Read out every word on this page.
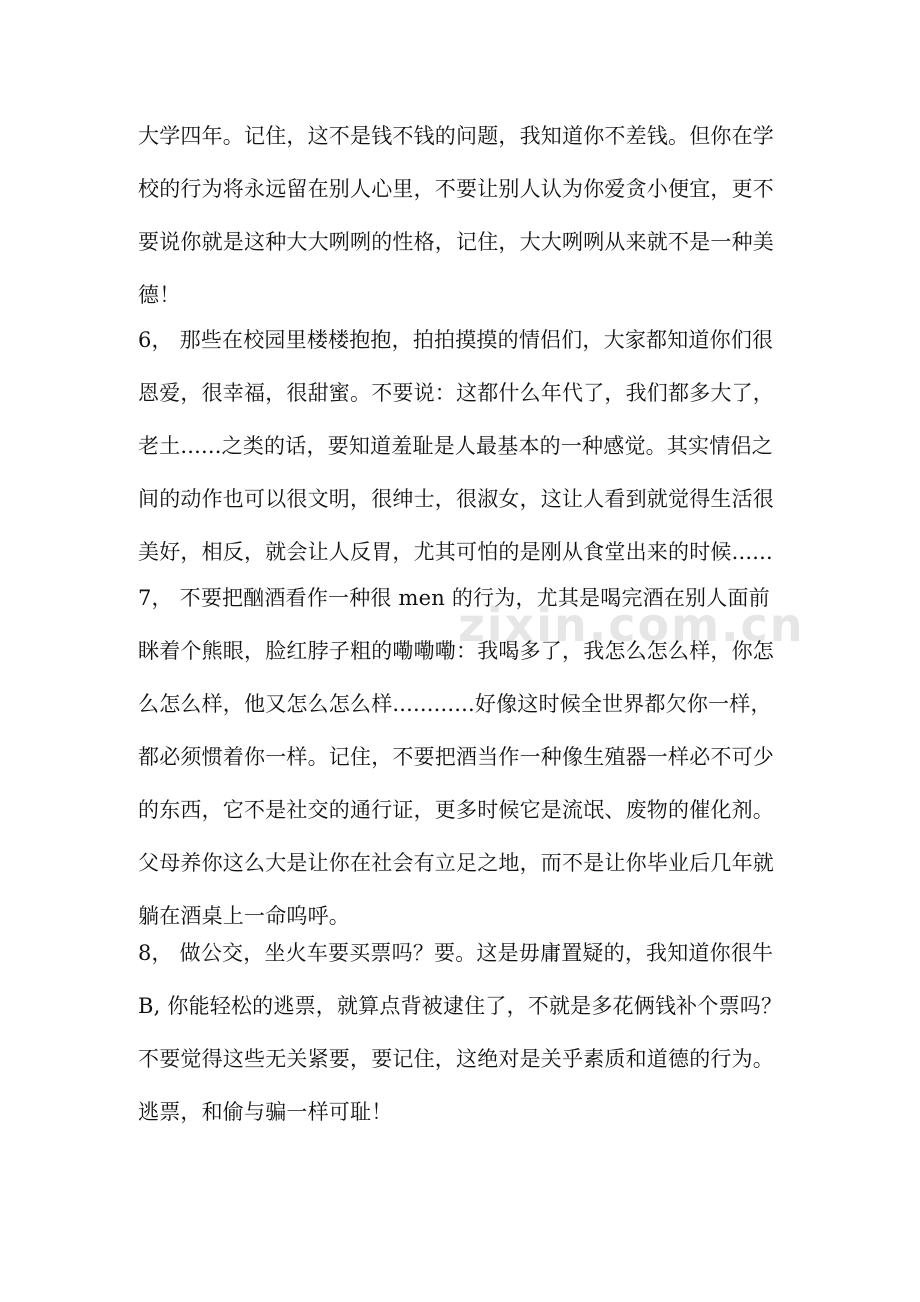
zixin.com.cn
大学四年。记住，这不是钱不钱的问题，我知道你不差钱。但你在学
校的行为将永远留在别人心里，不要让别人认为你爱贪小便宜，更不
要说你就是这种大大咧咧的性格，记住，大大咧咧从来就不是一种美
德！
6， 那些在校园里楼楼抱抱，拍拍摸摸的情侣们，大家都知道你们很
恩爱，很幸福，很甜蜜。不要说：这都什么年代了，我们都多大了，
老土......之类的话，要知道羞耻是人最基本的一种感觉。其实情侣之
间的动作也可以很文明，很绅士，很淑女，这让人看到就觉得生活很
美好，相反，就会让人反胃，尤其可怕的是刚从食堂出来的时候......
7， 不要把酗酒看作一种很 men 的行为，尤其是喝完酒在别人面前
眯着个熊眼，脸红脖子粗的嘞嘞嘞：我喝多了，我怎么怎么样，你怎
么怎么样，他又怎么怎么样............好像这时候全世界都欠你一样，
都必须惯着你一样。记住，不要把酒当作一种像生殖器一样必不可少
的东西，它不是社交的通行证，更多时候它是流氓、废物的催化剂。
父母养你这么大是让你在社会有立足之地，而不是让你毕业后几年就
躺在酒桌上一命呜呼。
8， 做公交，坐火车要买票吗？要。这是毋庸置疑的，我知道你很牛
B, 你能轻松的逃票，就算点背被逮住了，不就是多花俩钱补个票吗？
不要觉得这些无关紧要，要记住，这绝对是关乎素质和道德的行为。
逃票，和偷与骗一样可耻！
